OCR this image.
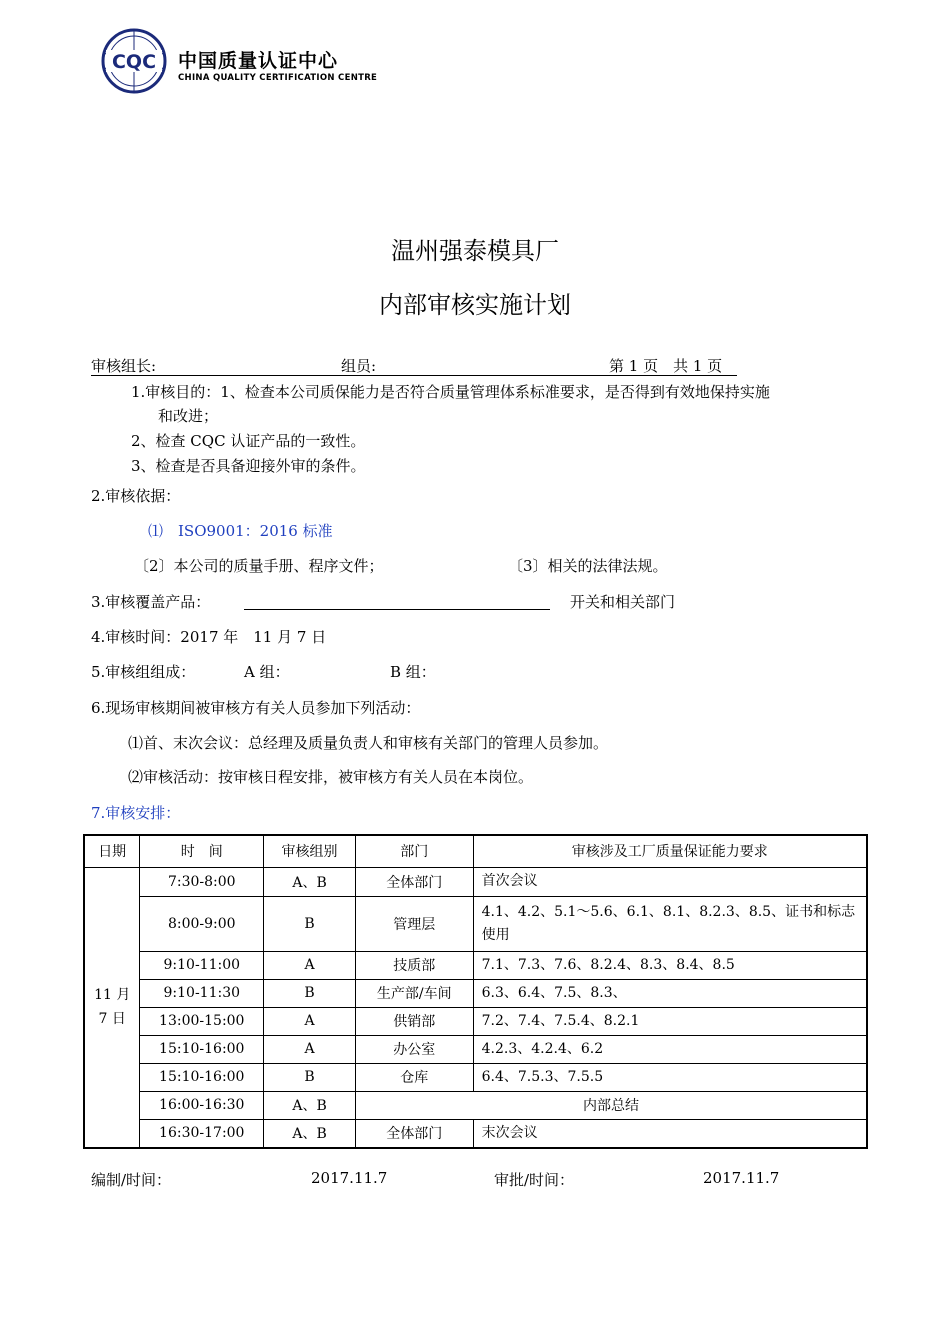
CQC 中国质量认证中心
CHINA QUALITY CERTIFICATION CENTRE
温州强泰模具厂
内部审核实施计划
审核组长:	组员:	第 1 页　共 1 页
1.审核目的：1、检查本公司质保能力是否符合质量管理体系标准要求，是否得到有效地保持实施
和改进；
2、检查 CQC 认证产品的一致性。
3、检查是否具备迎接外审的条件。
2.审核依据：
⑴　ISO9001：2016 标准
〔2〕本公司的质量手册、程序文件；	〔3〕相关的法律法规。
3.审核覆盖产品：	开关和相关部门
4.审核时间：2017 年　11 月 7 日
5.审核组组成：	A 组：	B 组：
6.现场审核期间被审核方有关人员参加下列活动：
⑴首、末次会议：总经理及质量负责人和审核有关部门的管理人员参加。
⑵审核活动：按审核日程安排，被审核方有关人员在本岗位。
7.审核安排：
日期	时　间	审核组别	部门	审核涉及工厂质量保证能力要求
11 月
7 日	7:30-8:00	A、B	全体部门	首次会议
	8:00-9:00	B	管理层	4.1、4.2、5.1～5.6、6.1、8.1、8.2.3、8.5、证书和标志使用
	9:10-11:00	A	技质部	7.1、7.3、7.6、8.2.4、8.3、8.4、8.5
	9:10-11:30	B	生产部/车间	6.3、6.4、7.5、8.3、
	13:00-15:00	A	供销部	7.2、7.4、7.5.4、8.2.1
	15:10-16:00	A	办公室	4.2.3、4.2.4、6.2
	15:10-16:00	B	仓库	6.4、7.5.3、7.5.5
	16:00-16:30	A、B	内部总结	
	16:30-17:00	A、B	全体部门	末次会议
编制/时间：	2017.11.7	审批/时间：	2017.11.7
